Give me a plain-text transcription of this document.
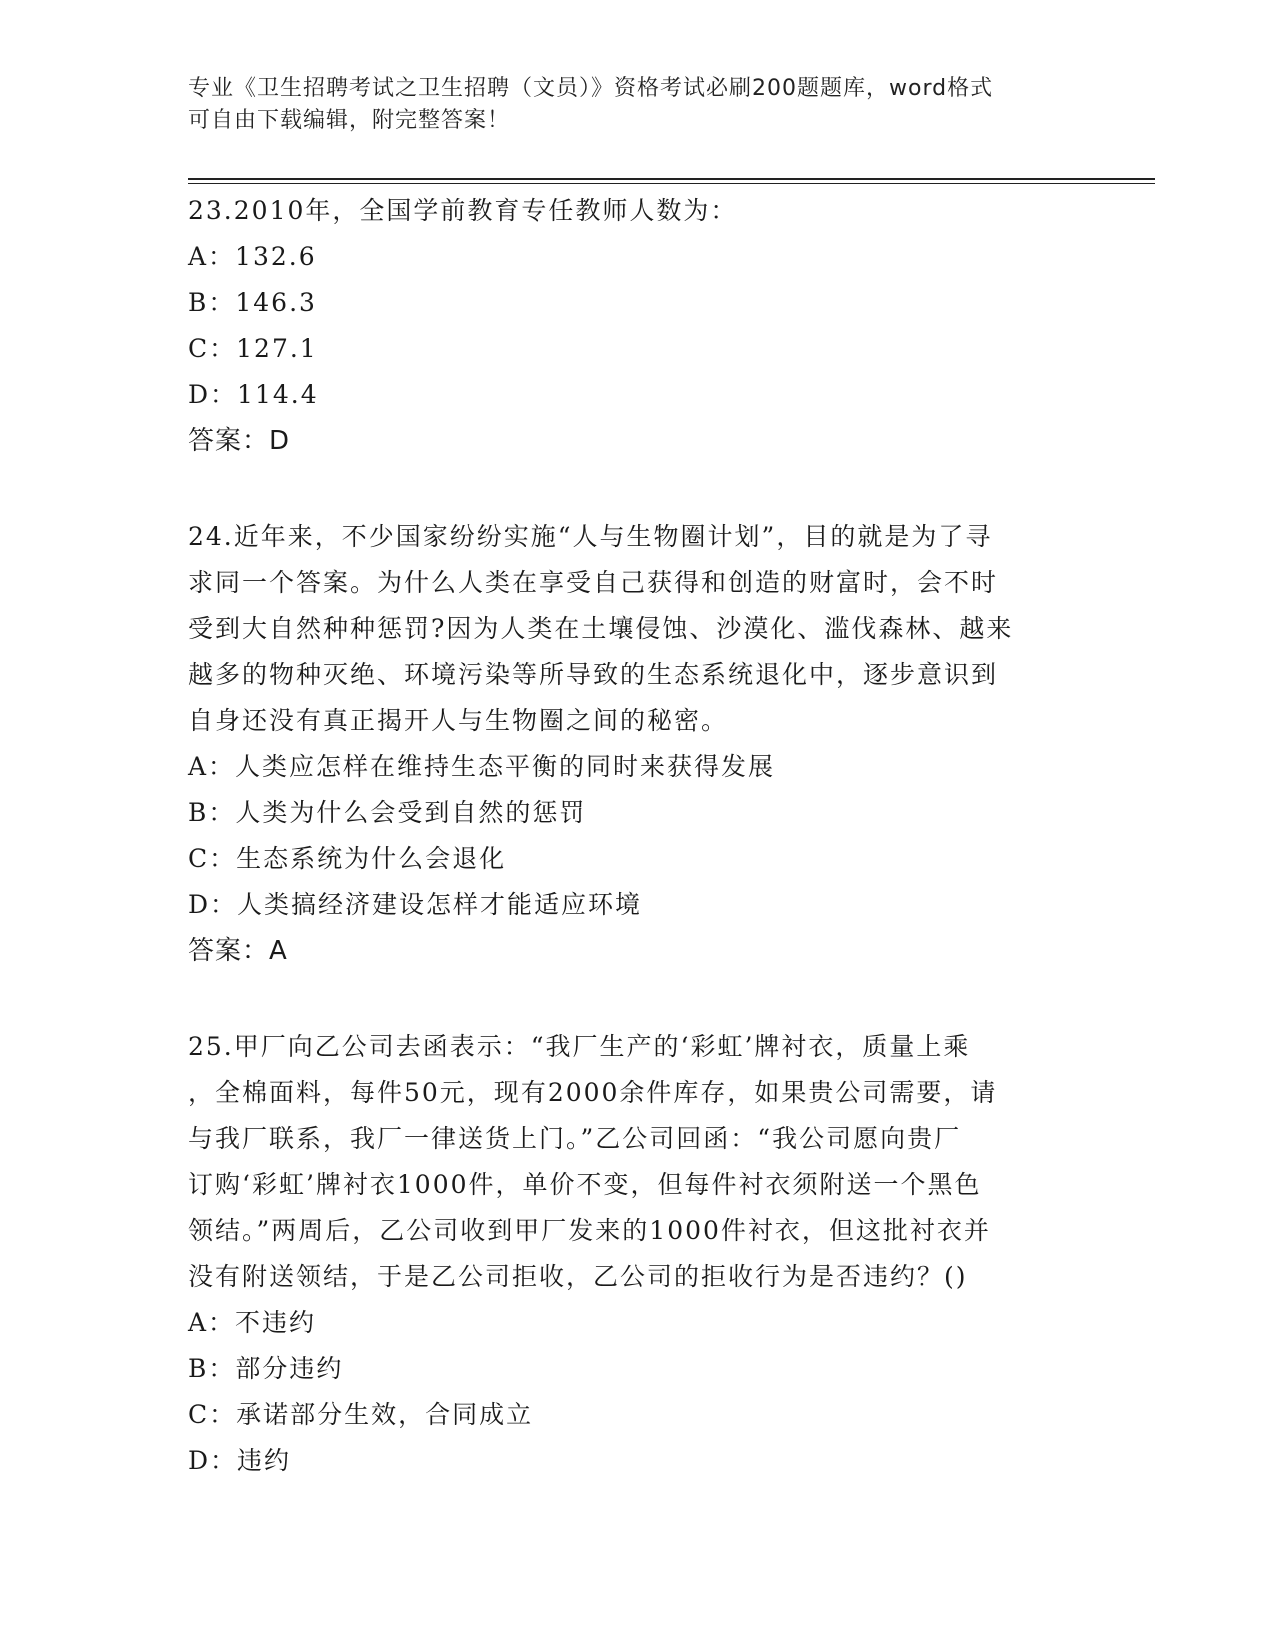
专业《卫生招聘考试之卫生招聘（文员）》资格考试必刷200题题库，word格式

可自由下载编辑，附完整答案！

23.2010年，全国学前教育专任教师人数为：

A：132.6

B：146.3

C：127.1

D：114.4

答案：D

24.近年来，不少国家纷纷实施“人与生物圈计划”，目的就是为了寻

求同一个答案。为什么人类在享受自己获得和创造的财富时，会不时

受到大自然种种惩罚?因为人类在土壤侵蚀、沙漠化、滥伐森林、越来

越多的物种灭绝、环境污染等所导致的生态系统退化中，逐步意识到

自身还没有真正揭开人与生物圈之间的秘密。

A：人类应怎样在维持生态平衡的同时来获得发展

B：人类为什么会受到自然的惩罚

C：生态系统为什么会退化

D：人类搞经济建设怎样才能适应环境

答案：A

25.甲厂向乙公司去函表示：“我厂生产的‘彩虹’牌衬衣，质量上乘

，全棉面料，每件50元，现有2000余件库存，如果贵公司需要，请

与我厂联系，我厂一律送货上门。”乙公司回函：“我公司愿向贵厂

订购‘彩虹’牌衬衣1000件，单价不变，但每件衬衣须附送一个黑色

领结。”两周后，乙公司收到甲厂发来的1000件衬衣，但这批衬衣并

没有附送领结，于是乙公司拒收，乙公司的拒收行为是否违约？()

A：不违约

B：部分违约

C：承诺部分生效，合同成立

D：违约
